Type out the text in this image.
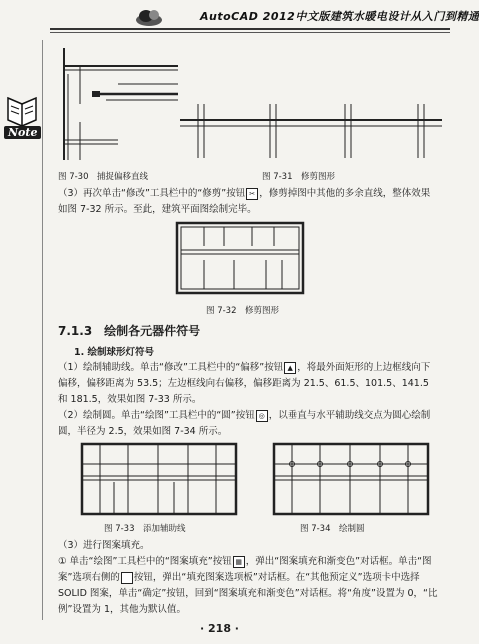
AutoCAD 2012中文版建筑水暖电设计从入门到精通
Note
图 7-30　捕捉偏移直线	图 7-31　修剪图形
（3）再次单击“修改”工具栏中的“修剪”按钮 ✂ ，修剪掉图中其他的多余直线，整体效果如图 7-32 所示。至此，建筑平面图绘制完毕。
图 7-32　修剪图形
7.1.3　绘制各元器件符号
1. 绘制球形灯符号
（1）绘制辅助线。单击“修改”工具栏中的“偏移”按钮 ▲ ，将最外面矩形的上边框线向下偏移，偏移距离为 53.5；左边框线向右偏移，偏移距离为 21.5、61.5、101.5、141.5 和 181.5，效果如图 7-33 所示。
（2）绘制圆。单击“绘图”工具栏中的“圆”按钮 ◎ ，以垂直与水平辅助线交点为圆心绘制圆，半径为 2.5，效果如图 7-34 所示。
图 7-33　添加辅助线	图 7-34　绘制圆
（3）进行图案填充。
① 单击“绘图”工具栏中的“图案填充”按钮 ▦ ，弹出“图案填充和渐变色”对话框。单击“图案”选项右侧的 按钮，弹出“填充图案选项板”对话框。在“其他预定义”选项卡中选择 SOLID 图案，单击“确定”按钮，回到“图案填充和渐变色”对话框。将“角度”设置为 0，“比例”设置为 1，其他为默认值。
· 218 ·
